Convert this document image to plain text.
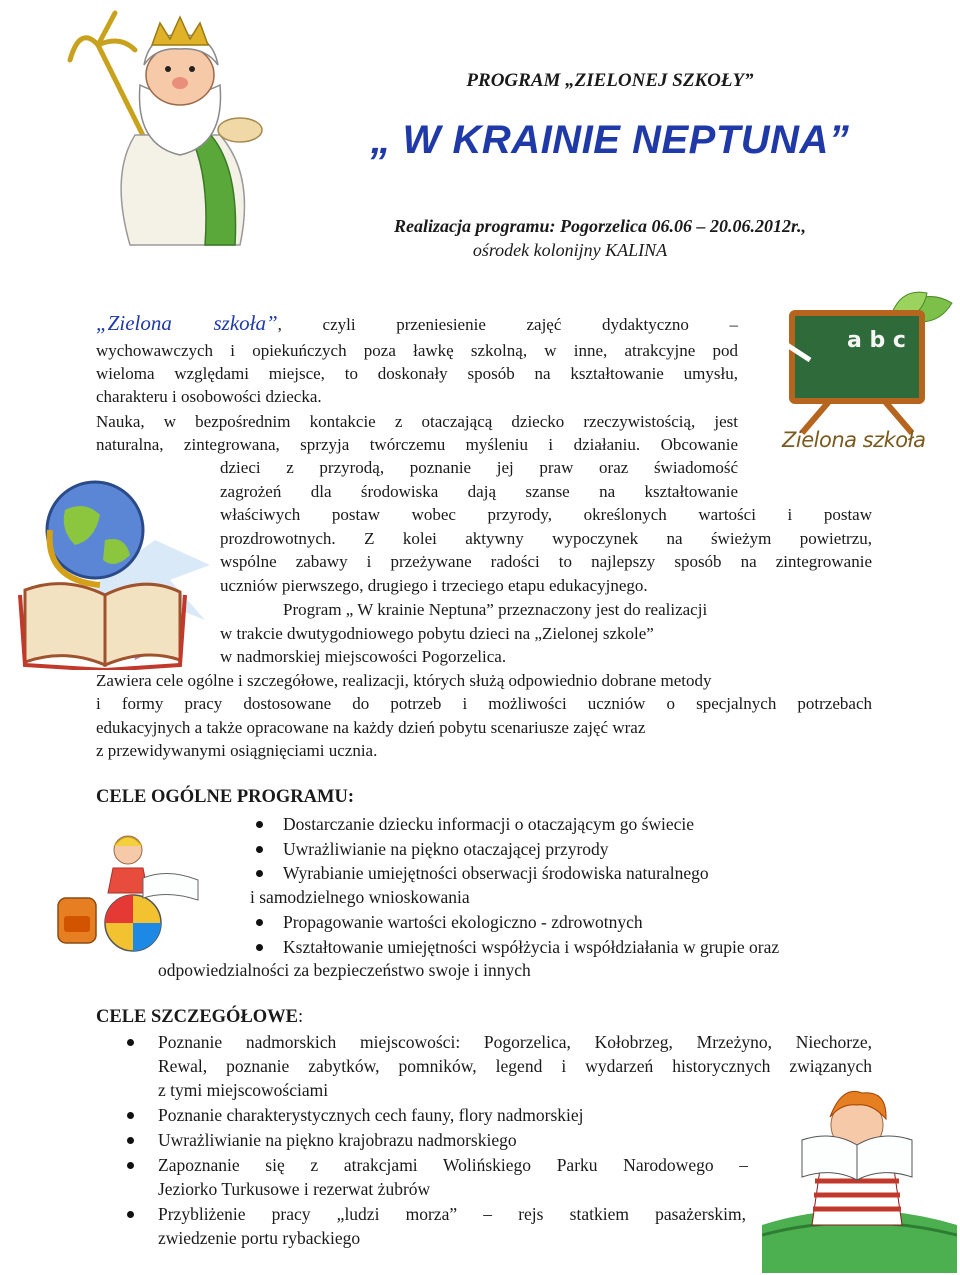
PROGRAM „ZIELONEJ SZKOŁY”
„ W KRAINIE NEPTUNA”
Realizacja programu: Pogorzelica 06.06 – 20.06.2012r.,
ośrodek kolonijny KALINA
a b c
Zielona szkoła
„Zielona szkoła”, czyli przeniesienie zajęć dydaktyczno –
wychowawczych i opiekuńczych poza ławkę szkolną, w inne, atrakcyjne pod
wieloma względami miejsce, to doskonały sposób na kształtowanie umysłu,
charakteru i osobowości dziecka.
Nauka, w bezpośrednim kontakcie z otaczającą dziecko rzeczywistością, jest
naturalna, zintegrowana, sprzyja twórczemu myśleniu i działaniu. Obcowanie
dzieci z przyrodą, poznanie jej praw oraz świadomość
zagrożeń dla środowiska dają szanse na kształtowanie
właściwych postaw wobec przyrody, określonych wartości i postaw
prozdrowotnych. Z kolei aktywny wypoczynek na świeżym powietrzu,
wspólne zabawy i przeżywane radości to najlepszy sposób na zintegrowanie
uczniów pierwszego, drugiego i trzeciego etapu edukacyjnego.
Program „ W krainie Neptuna” przeznaczony jest do realizacji
w trakcie dwutygodniowego pobytu dzieci na „Zielonej szkole”
w nadmorskiej miejscowości Pogorzelica.
Zawiera cele ogólne i szczegółowe, realizacji, których służą odpowiednio dobrane metody
i formy pracy dostosowane do potrzeb i możliwości uczniów o specjalnych potrzebach
edukacyjnych a także opracowane na każdy dzień pobytu scenariusze zajęć wraz
z przewidywanymi osiągnięciami ucznia.
CELE OGÓLNE PROGRAMU:
Dostarczanie dziecku informacji o otaczającym go świecie
Uwrażliwianie na piękno otaczającej przyrody
Wyrabianie umiejętności obserwacji środowiska naturalnego
i samodzielnego wnioskowania
Propagowanie wartości ekologiczno - zdrowotnych
Kształtowanie umiejętności współżycia i współdziałania w grupie oraz
odpowiedzialności za bezpieczeństwo swoje i innych
CELE SZCZEGÓŁOWE:
Poznanie nadmorskich miejscowości: Pogorzelica, Kołobrzeg, Mrzeżyno, Niechorze,
Rewal, poznanie zabytków, pomników, legend i wydarzeń historycznych związanych
z tymi miejscowościami
Poznanie charakterystycznych cech fauny, flory nadmorskiej
Uwrażliwianie na piękno krajobrazu nadmorskiego
Zapoznanie się z atrakcjami Wolińskiego Parku Narodowego –
Jeziorko Turkusowe i rezerwat żubrów
Przybliżenie pracy „ludzi morza” – rejs statkiem pasażerskim,
zwiedzenie portu rybackiego
